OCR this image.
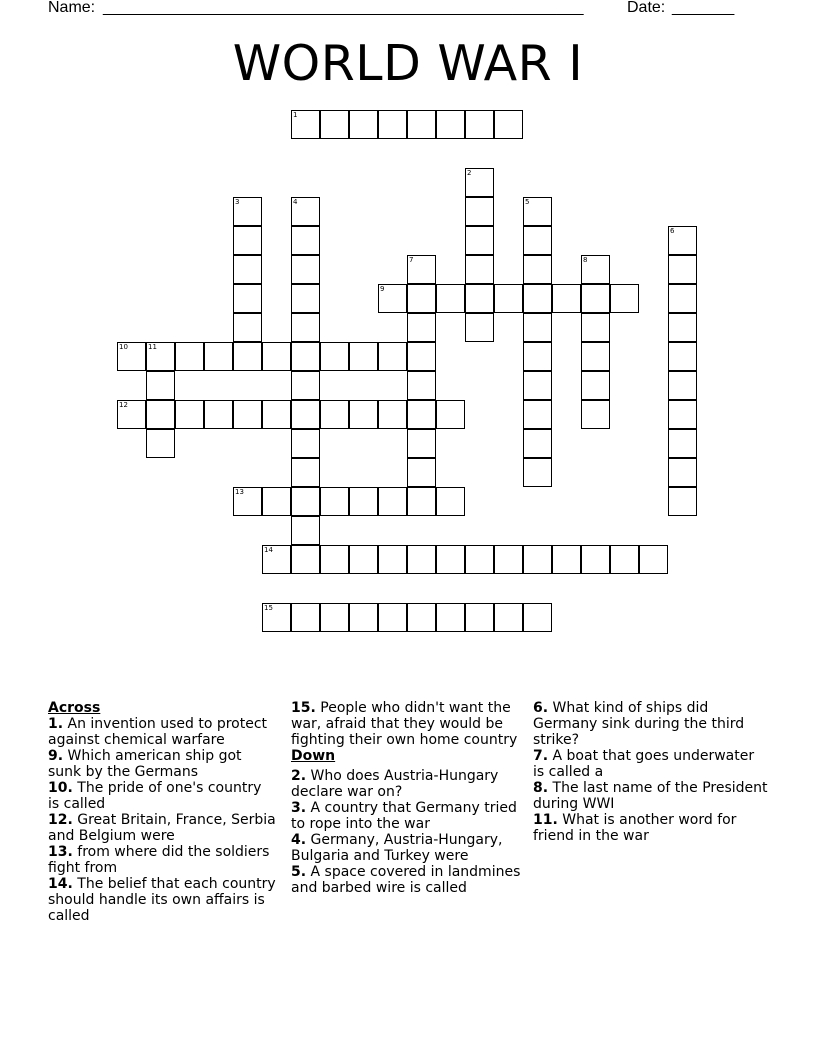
Name: ______________________________________________________	Date: _______
WORLD WAR I
1
2
3	4	5
6
7	8
9
10	11
12
13
14
15
Across
1. An invention used to protect against chemical warfare
9. Which american ship got sunk by the Germans
10. The pride of one's country is called
12. Great Britain, France, Serbia and Belgium were
13. from where did the soldiers fight from
14. The belief that each country should handle its own affairs is called
15. People who didn't want the war, afraid that they would be fighting their own home country
Down
2. Who does Austria-Hungary declare war on?
3. A country that Germany tried to rope into the war
4. Germany, Austria-Hungary, Bulgaria and Turkey were
5. A space covered in landmines and barbed wire is called
6. What kind of ships did Germany sink during the third strike?
7. A boat that goes underwater is called a
8. The last name of the President during WWI
11. What is another word for friend in the war
